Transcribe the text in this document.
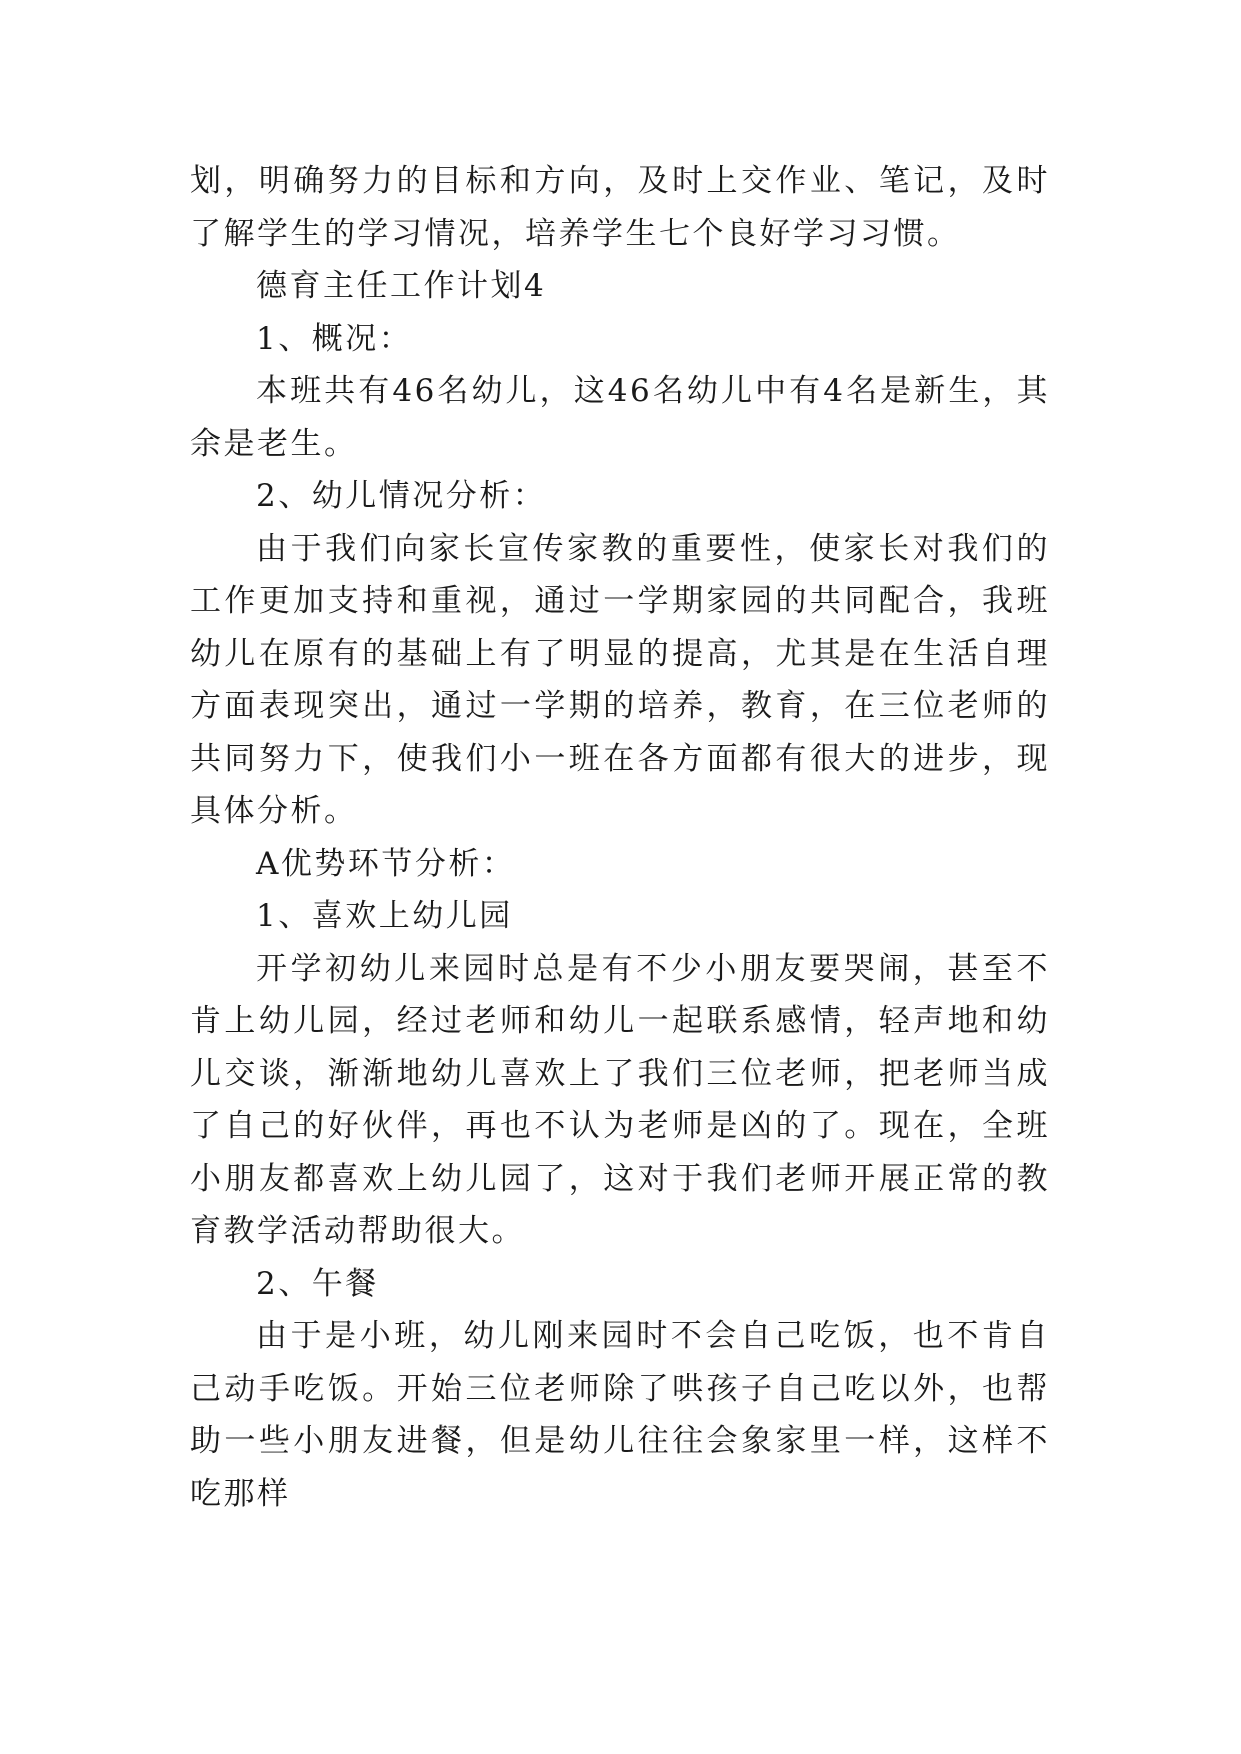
划，明确努力的目标和方向，及时上交作业、笔记，及时了解学生的学习情况，培养学生七个良好学习习惯。

德育主任工作计划4

1、概况：

本班共有46名幼儿，这46名幼儿中有4名是新生，其余是老生。

2、幼儿情况分析：

由于我们向家长宣传家教的重要性，使家长对我们的工作更加支持和重视，通过一学期家园的共同配合，我班幼儿在原有的基础上有了明显的提高，尤其是在生活自理方面表现突出，通过一学期的培养，教育，在三位老师的共同努力下，使我们小一班在各方面都有很大的进步，现具体分析。

A优势环节分析：

1、喜欢上幼儿园

开学初幼儿来园时总是有不少小朋友要哭闹，甚至不肯上幼儿园，经过老师和幼儿一起联系感情，轻声地和幼儿交谈，渐渐地幼儿喜欢上了我们三位老师，把老师当成了自己的好伙伴，再也不认为老师是凶的了。现在，全班小朋友都喜欢上幼儿园了，这对于我们老师开展正常的教育教学活动帮助很大。

2、午餐

由于是小班，幼儿刚来园时不会自己吃饭，也不肯自己动手吃饭。开始三位老师除了哄孩子自己吃以外，也帮助一些小朋友进餐，但是幼儿往往会象家里一样，这样不吃那样
